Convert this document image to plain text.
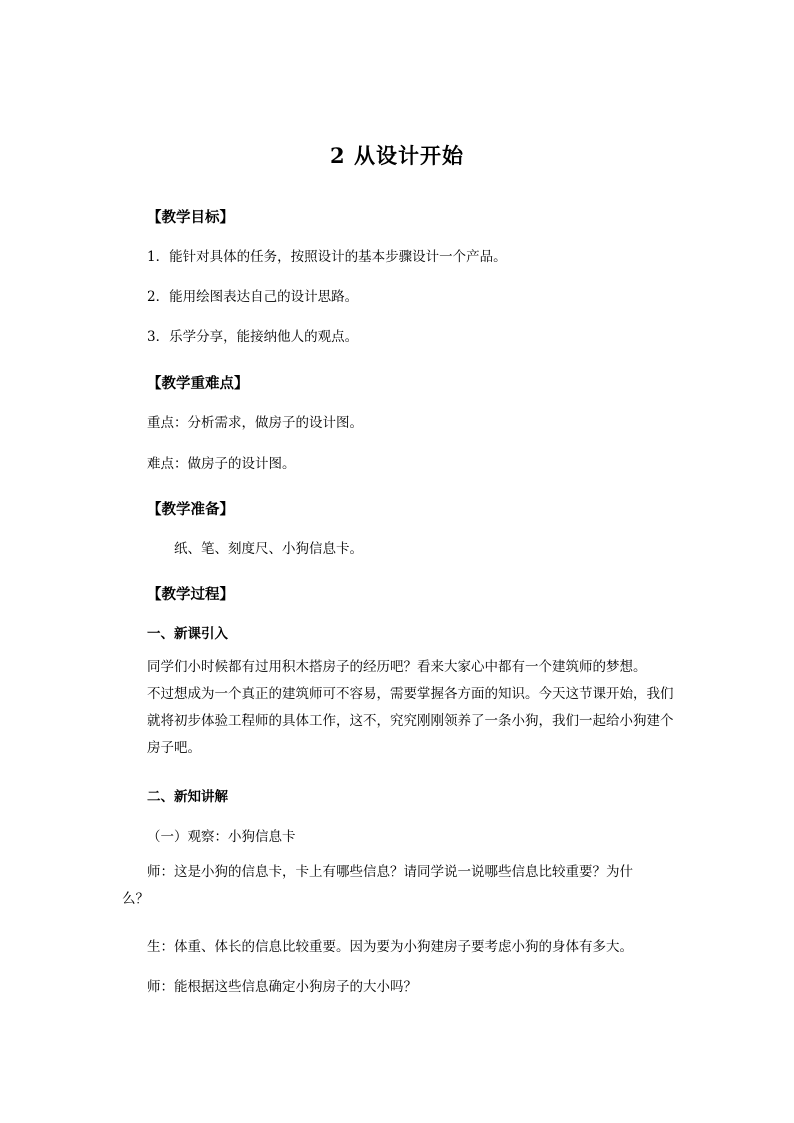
2 从设计开始
【教学目标】
1．能针对具体的任务，按照设计的基本步骤设计一个产品。
2．能用绘图表达自己的设计思路。
3．乐学分享，能接纳他人的观点。
【教学重难点】
重点：分析需求，做房子的设计图。
难点：做房子的设计图。
【教学准备】
纸、笔、刻度尺、小狗信息卡。
【教学过程】
一、新课引入
同学们小时候都有过用积木搭房子的经历吧？看来大家心中都有一个建筑师的梦想。
不过想成为一个真正的建筑师可不容易，需要掌握各方面的知识。今天这节课开始，我们
就将初步体验工程师的具体工作，这不，究究刚刚领养了一条小狗，我们一起给小狗建个
房子吧。
二、新知讲解
（一）观察：小狗信息卡
师：这是小狗的信息卡，卡上有哪些信息？请同学说一说哪些信息比较重要？为什
么？
生：体重、体长的信息比较重要。因为要为小狗建房子要考虑小狗的身体有多大。
师：能根据这些信息确定小狗房子的大小吗？
